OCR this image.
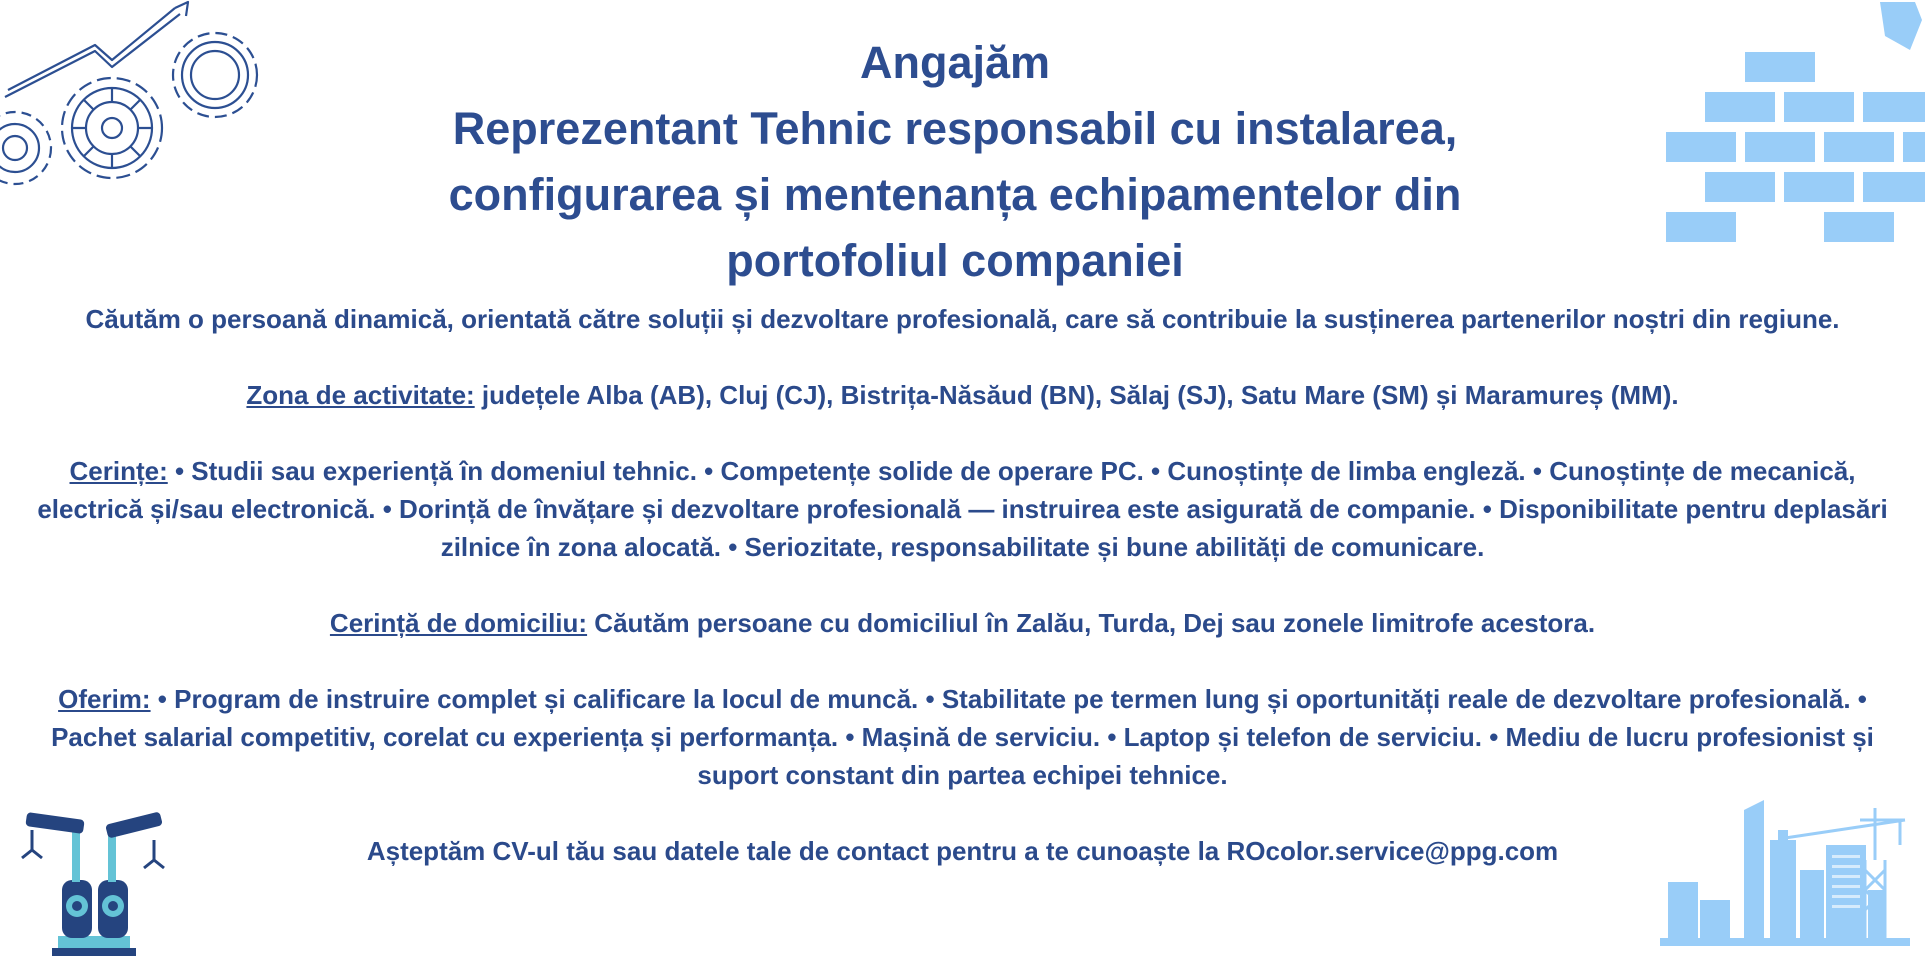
Angajăm
Reprezentant Tehnic responsabil cu instalarea,
configurarea și mentenanța echipamentelor din
portofoliul companiei

Căutăm o persoană dinamică, orientată către soluții și dezvoltare profesională, care să contribuie la susținerea partenerilor noștri din regiune.

Zona de activitate: județele Alba (AB), Cluj (CJ), Bistrița-Năsăud (BN), Sălaj (SJ), Satu Mare (SM) și Maramureș (MM).

Cerințe: • Studii sau experiență în domeniul tehnic. • Competențe solide de operare PC. • Cunoștințe de limba engleză. • Cunoștințe de mecanică, electrică și/sau electronică. • Dorință de învățare și dezvoltare profesională — instruirea este asigurată de companie. • Disponibilitate pentru deplasări zilnice în zona alocată. • Seriozitate, responsabilitate și bune abilități de comunicare.

Cerință de domiciliu: Căutăm persoane cu domiciliul în Zalău, Turda, Dej sau zonele limitrofe acestora.

Oferim: • Program de instruire complet și calificare la locul de muncă. • Stabilitate pe termen lung și oportunități reale de dezvoltare profesională. • Pachet salarial competitiv, corelat cu experiența și performanța. • Mașină de serviciu. • Laptop și telefon de serviciu. • Mediu de lucru profesionist și suport constant din partea echipei tehnice.

Așteptăm CV-ul tău sau datele tale de contact pentru a te cunoaște la ROcolor.service@ppg.com
